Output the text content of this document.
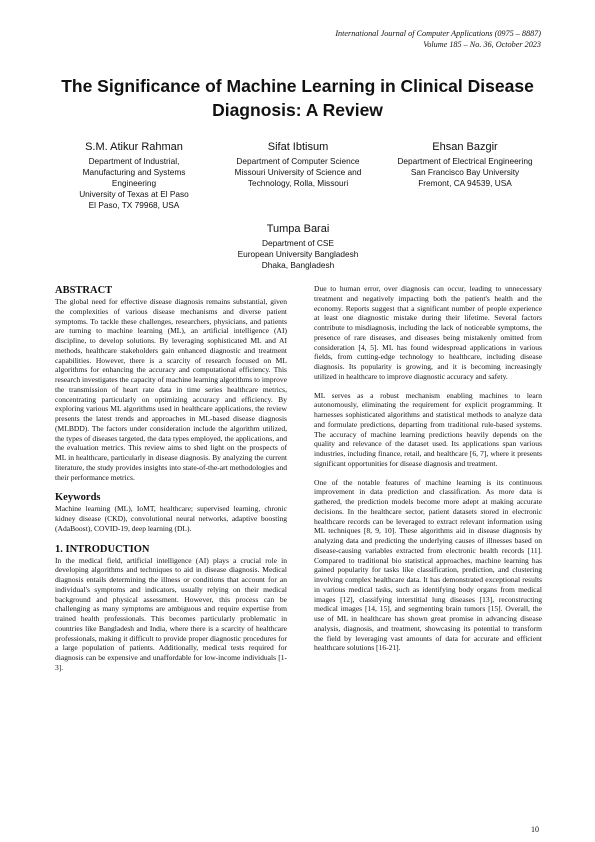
International Journal of Computer Applications (0975 – 8887)
Volume 185 – No. 36, October 2023
The Significance of Machine Learning in Clinical Disease
Diagnosis: A Review
S.M. Atikur Rahman
Department of Industrial,
Manufacturing and Systems
Engineering
University of Texas at El Paso
El Paso, TX 79968, USA
Sifat Ibtisum
Department of Computer Science
Missouri University of Science and
Technology, Rolla, Missouri
Ehsan Bazgir
Department of Electrical Engineering
San Francisco Bay University
Fremont, CA 94539, USA
Tumpa Barai
Department of CSE
European University Bangladesh
Dhaka, Bangladesh
ABSTRACT

The global need for effective disease diagnosis remains substantial, given the complexities of various disease mechanisms and diverse patient symptoms. To tackle these challenges, researchers, physicians, and patients are turning to machine learning (ML), an artificial intelligence (AI) discipline, to develop solutions. By leveraging sophisticated ML and AI methods, healthcare stakeholders gain enhanced diagnostic and treatment capabilities. However, there is a scarcity of research focused on ML algorithms for enhancing the accuracy and computational efficiency. This research investigates the capacity of machine learning algorithms to improve the transmission of heart rate data in time series healthcare metrics, concentrating particularly on optimizing accuracy and efficiency. By exploring various ML algorithms used in healthcare applications, the review presents the latest trends and approaches in ML-based disease diagnosis (MLBDD). The factors under consideration include the algorithm utilized, the types of diseases targeted, the data types employed, the applications, and the evaluation metrics. This review aims to shed light on the prospects of ML in healthcare, particularly in disease diagnosis. By analyzing the current literature, the study provides insights into state-of-the-art methodologies and their performance metrics.

Keywords

Machine learning (ML), IoMT, healthcare; supervised learning, chronic kidney disease (CKD), convolutional neural networks, adaptive boosting (AdaBoost), COVID-19, deep learning (DL).

1. INTRODUCTION

In the medical field, artificial intelligence (AI) plays a crucial role in developing algorithms and techniques to aid in disease diagnosis. Medical diagnosis entails determining the illness or conditions that account for an individual's symptoms and indicators, usually relying on their medical background and physical assessment. However, this process can be challenging as many symptoms are ambiguous and require expertise from trained health professionals. This becomes particularly problematic in countries like Bangladesh and India, where there is a scarcity of healthcare professionals, making it difficult to provide proper diagnostic procedures for a large population of patients. Additionally, medical tests required for diagnosis can be expensive and unaffordable for low-income individuals [1-3].

Due to human error, over diagnosis can occur, leading to unnecessary treatment and negatively impacting both the patient's health and the economy. Reports suggest that a significant number of people experience at least one diagnostic mistake during their lifetime. Several factors contribute to misdiagnosis, including the lack of noticeable symptoms, the presence of rare diseases, and diseases being mistakenly omitted from consideration [4, 5]. ML has found widespread applications in various fields, from cutting-edge technology to healthcare, including disease diagnosis. Its popularity is growing, and it is becoming increasingly utilized in healthcare to improve diagnostic accuracy and safety.

ML serves as a robust mechanism enabling machines to learn autonomously, eliminating the requirement for explicit programming. It harnesses sophisticated algorithms and statistical methods to analyze data and formulate predictions, departing from traditional rule-based systems. The accuracy of machine learning predictions heavily depends on the quality and relevance of the dataset used. Its applications span various industries, including finance, retail, and healthcare [6, 7], where it presents significant opportunities for disease diagnosis and treatment.

One of the notable features of machine learning is its continuous improvement in data prediction and classification. As more data is gathered, the prediction models become more adept at making accurate decisions. In the healthcare sector, patient datasets stored in electronic healthcare records can be leveraged to extract relevant information using ML techniques [8, 9, 10]. These algorithms aid in disease diagnosis by analyzing data and predicting the underlying causes of illnesses based on disease-causing variables extracted from electronic health records [11]. Compared to traditional bio statistical approaches, machine learning has gained popularity for tasks like classification, prediction, and clustering involving complex healthcare data. It has demonstrated exceptional results in various medical tasks, such as identifying body organs from medical images [12], classifying interstitial lung diseases [13], reconstructing medical images [14, 15], and segmenting brain tumors [15]. Overall, the use of ML in healthcare has shown great promise in advancing disease analysis, diagnosis, and treatment, showcasing its potential to transform the field by leveraging vast amounts of data for accurate and efficient healthcare solutions [16-21].

10
